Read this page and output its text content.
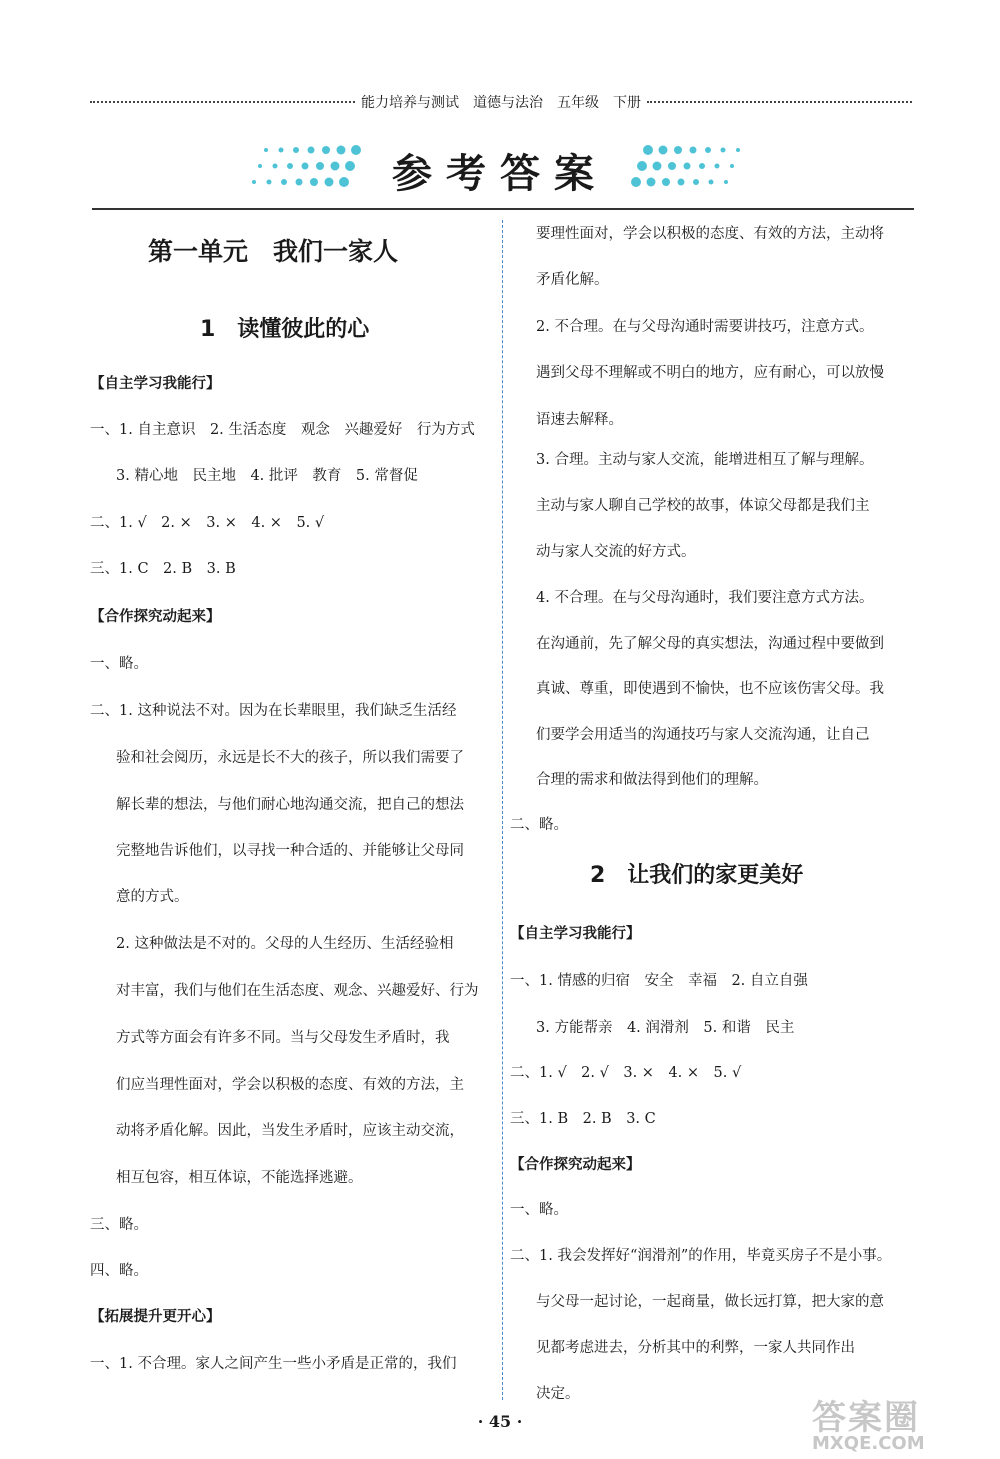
能力培养与测试　道德与法治　五年级　下册
参考答案
第一单元　我们一家人
1　读懂彼此的心
【自主学习我能行】
一、1. 自主意识　2. 生活态度　观念　兴趣爱好　行为方式
3. 精心地　民主地　4. 批评　教育　5. 常督促
二、1. √　2. ×　3. ×　4. ×　5. √
三、1. C　2. B　3. B
【合作探究动起来】
一、略。
二、1. 这种说法不对。因为在长辈眼里，我们缺乏生活经
验和社会阅历，永远是长不大的孩子，所以我们需要了
解长辈的想法，与他们耐心地沟通交流，把自己的想法
完整地告诉他们，以寻找一种合适的、并能够让父母同
意的方式。
2. 这种做法是不对的。父母的人生经历、生活经验相
对丰富，我们与他们在生活态度、观念、兴趣爱好、行为
方式等方面会有许多不同。当与父母发生矛盾时，我
们应当理性面对，学会以积极的态度、有效的方法，主
动将矛盾化解。因此，当发生矛盾时，应该主动交流，
相互包容，相互体谅，不能选择逃避。
三、略。
四、略。
【拓展提升更开心】
一、1. 不合理。家人之间产生一些小矛盾是正常的，我们
要理性面对，学会以积极的态度、有效的方法，主动将
矛盾化解。
2. 不合理。在与父母沟通时需要讲技巧，注意方式。
遇到父母不理解或不明白的地方，应有耐心，可以放慢
语速去解释。
3. 合理。主动与家人交流，能增进相互了解与理解。
主动与家人聊自己学校的故事，体谅父母都是我们主
动与家人交流的好方式。
4. 不合理。在与父母沟通时，我们要注意方式方法。
在沟通前，先了解父母的真实想法，沟通过程中要做到
真诚、尊重，即使遇到不愉快，也不应该伤害父母。我
们要学会用适当的沟通技巧与家人交流沟通，让自己
合理的需求和做法得到他们的理解。
二、略。
2　让我们的家更美好
【自主学习我能行】
一、1. 情感的归宿　安全　幸福　2. 自立自强
3. 方能帮亲　4. 润滑剂　5. 和谐　民主
二、1. √　2. √　3. ×　4. ×　5. √
三、1. B　2. B　3. C
【合作探究动起来】
一、略。
二、1. 我会发挥好“润滑剂”的作用，毕竟买房子不是小事。
与父母一起讨论，一起商量，做长远打算，把大家的意
见都考虑进去，分析其中的利弊，一家人共同作出
决定。
· 45 ·	答案圈
MXQE.COM
